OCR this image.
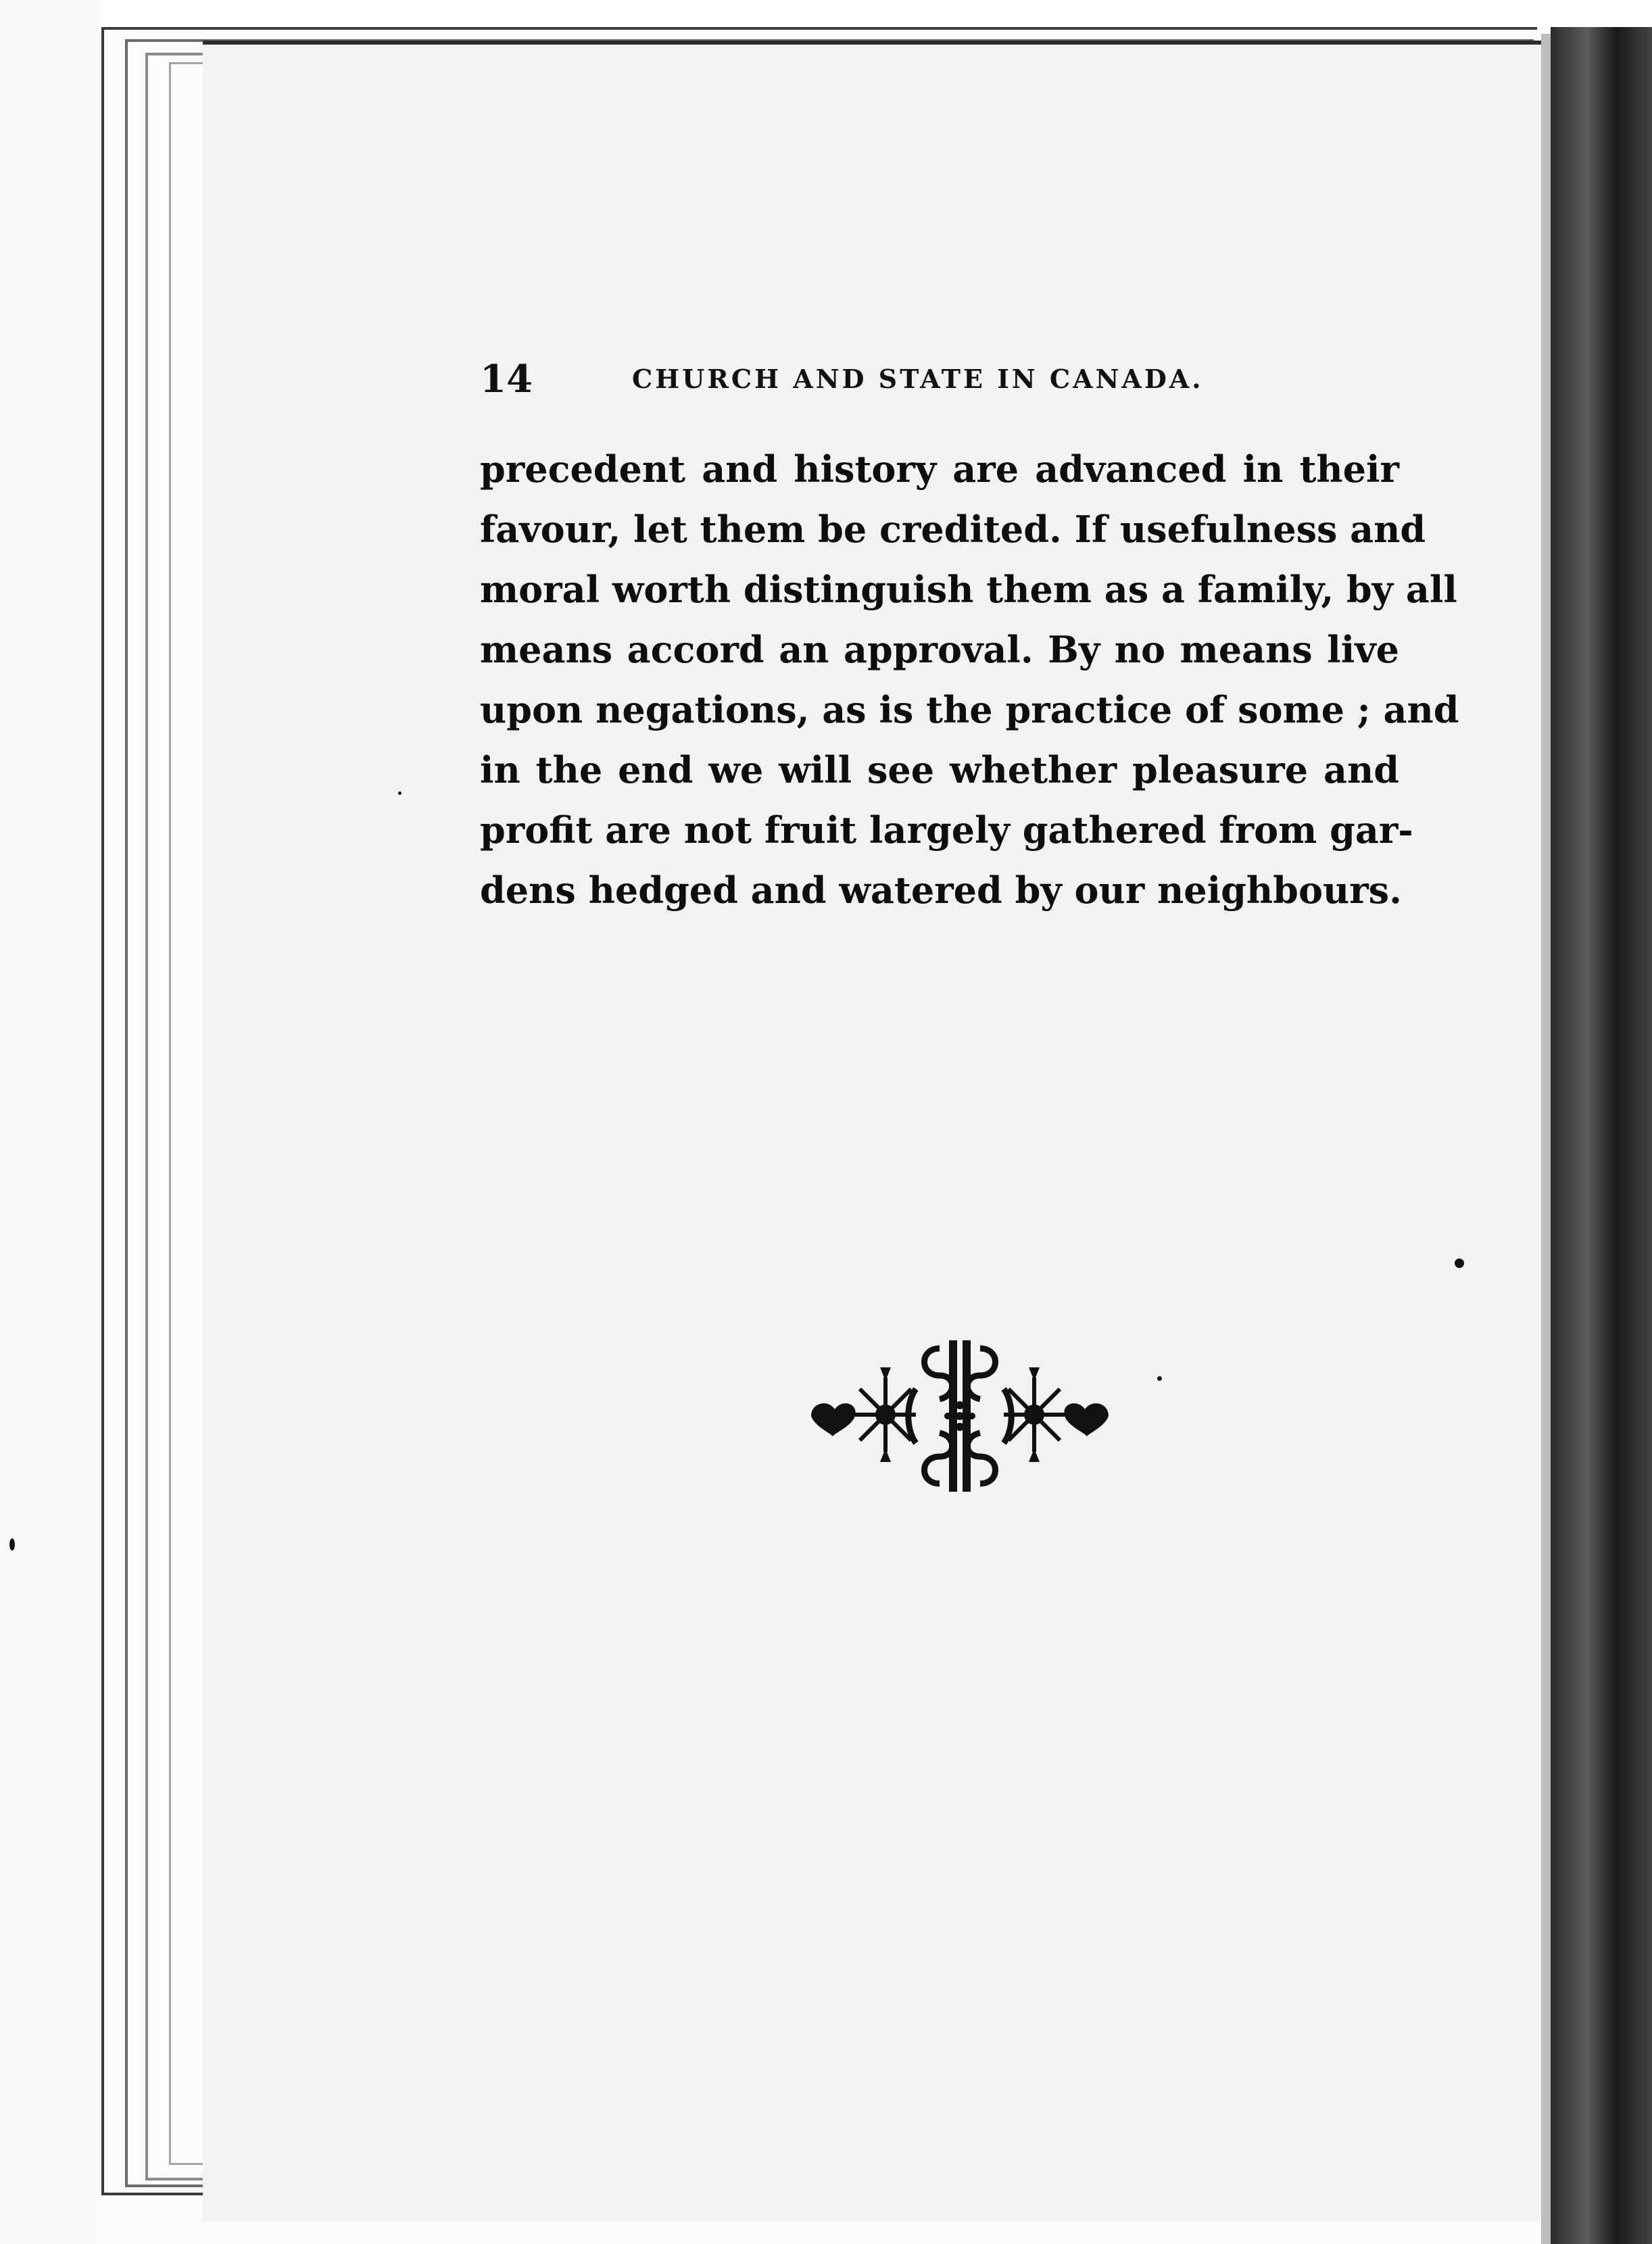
14	CHURCH AND STATE IN CANADA.
precedent and history are advanced in their
favour, let them be credited. If usefulness and
moral worth distinguish them as a family, by all
means accord an approval. By no means live
upon negations, as is the practice of some ; and
in the end we will see whether pleasure and
profit are not fruit largely gathered from gar-
dens hedged and watered by our neighbours.
